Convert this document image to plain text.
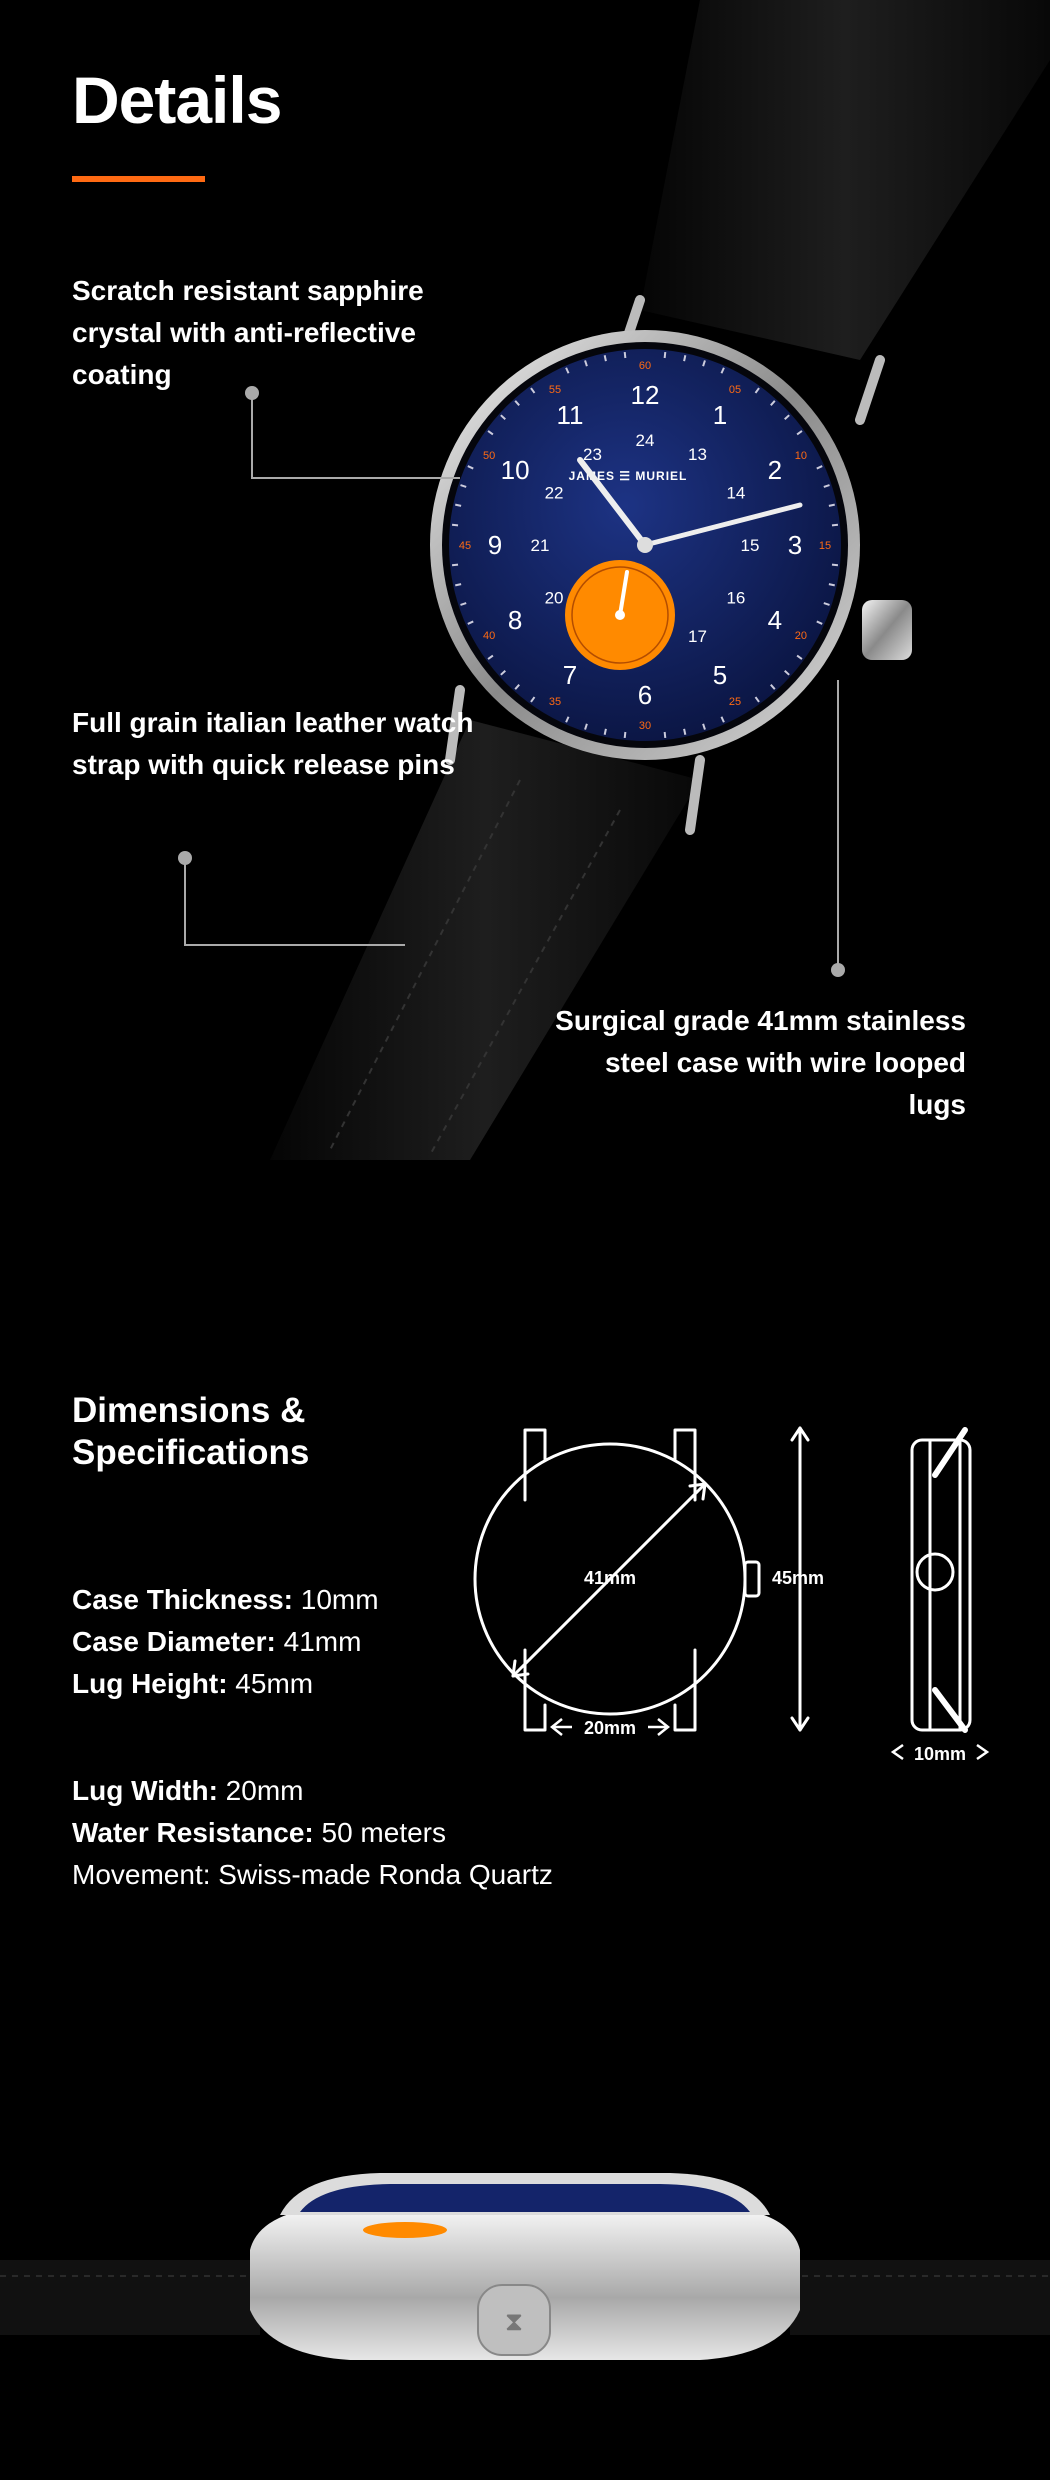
Details
05
10
15
20
25
30
35
40
45
50
55
60
12
1
2
3
4
5
6
7
8
9
10
11
24
13
14
15
16
17
20
21
22
23
JAMES ☰ MURIEL
Scratch resistant sapphire crystal with anti-reflective coating
Full grain italian leather watch strap with quick release pins
Surgical grade 41mm stainless steel case with wire looped lugs
Dimensions & Specifications
Case Thickness: 10mm
Case Diameter: 41mm
Lug Height: 45mm
Lug Width: 20mm
Water Resistance: 50 meters
Movement: Swiss-made Ronda Quartz
41mm	45mm
20mm
10mm
⧗
